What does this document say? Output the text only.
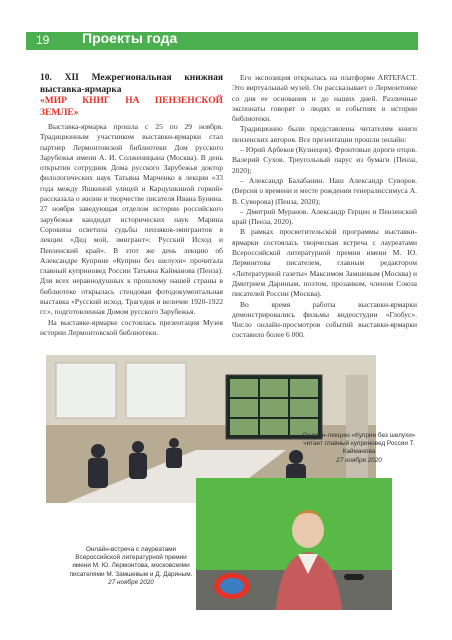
19 Проекты года
10. XII Межрегиональная книжная выставка-ярмарка
«МИР КНИГ НА ПЕНЗЕНСКОЙ ЗЕМЛЕ»

Выставка-ярмарка прошла с 25 по 29 ноября. Традиционным участником выставки-ярмарки стал партнер Лермонтовской библиотеки Дом русского Зарубежья имени А. И. Солженицына (Москва). В день открытия сотрудник Дома русского Зарубежья доктор филологических наук Татьяна Марченко в лекции «33 года между Яшкиной улицей и Карцушкиной горкой» рассказала о жизни и творчестве писателя Ивана Бунина. 27 ноября заведующая отделом истории российского зарубежья кандидат исторических наук Марина Сорокина осветила судьбы пензяков-эмигрантов в лекции «Дед мой, эмигрант»: Русский Исход и Пензенский край». В этот же день лекцию об Александре Куприне «Куприн без шелухи» прочитала главный куприновед России Татьяна Кайманова (Пенза). Для всех неравнодушных к прошлому нашей страны в библиотеке открылась стендовая фотодокументальная выставка «Русский исход. Трагедия и величие 1920-1922 гг.», подготовленная Домом русского Зарубежья.

На выставке-ярмарке состоялась презентация Музея истории Лермонтовской библиотеки.

Его экспозиция открылась на платформе ARTEFACT. Это виртуальный музей. Он рассказывает о Лермонтовке со дня ее основания и до наших дней. Различные экспонаты говорят о людях и событиях в истории библиотеки.

Традиционно были представлены читателям книги пензенских авторов. Все презентации прошли онлайн:

– Юрий Арбеков (Кузнецов). Фронтовые дороги отцов. Валерий Сухов. Треугольный парус из бумаги (Пенза, 2020);

– Александр Балабанин. Наш Александр Суворов. (Версия о времени и месте рождения генералиссимуса А. В. Суворова) (Пенза, 2020);

– Дмитрий Муранов. Александр Герцен и Пензенский край (Пенза, 2020).

В рамках просветительской программы выставки-ярмарки состоялась творческая встреча с лауреатами Всероссийской литературной премии имени М. Ю. Лермонтова писателем, главным редактором «Литературной газеты» Максимом Замшевым (Москва) и Дмитрием Дариным, поэтом, прозаиком, членом Союза писателей России (Москва).

Во время работы выставки-ярмарки демонстрировались фильмы видеостудии «Глобус». Число онлайн-просмотров событий выставки-ярмарки составило более 6 000.

Онлайн-лекцию «Куприн без шелухи» читает главный куприновед России Т. Кайманова
27 ноября 2020
Онлайн-встреча с лауреатами Всероссийской литературной премии имени М. Ю. Лермонтова, московскими писателями М. Замшевым и Д. Дариным.
27 ноября 2020
